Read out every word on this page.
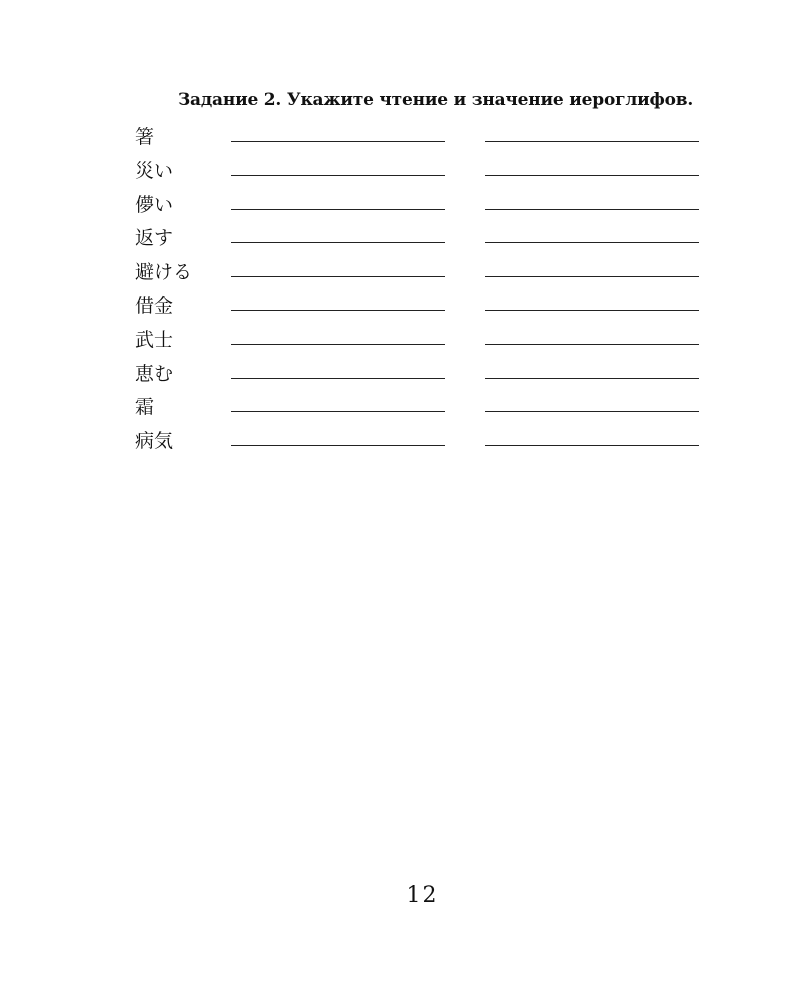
Задание 2. Укажите чтение и значение иероглифов.
箸
災い
儚い
返す
避ける
借金
武士
恵む
霜
病気
12
